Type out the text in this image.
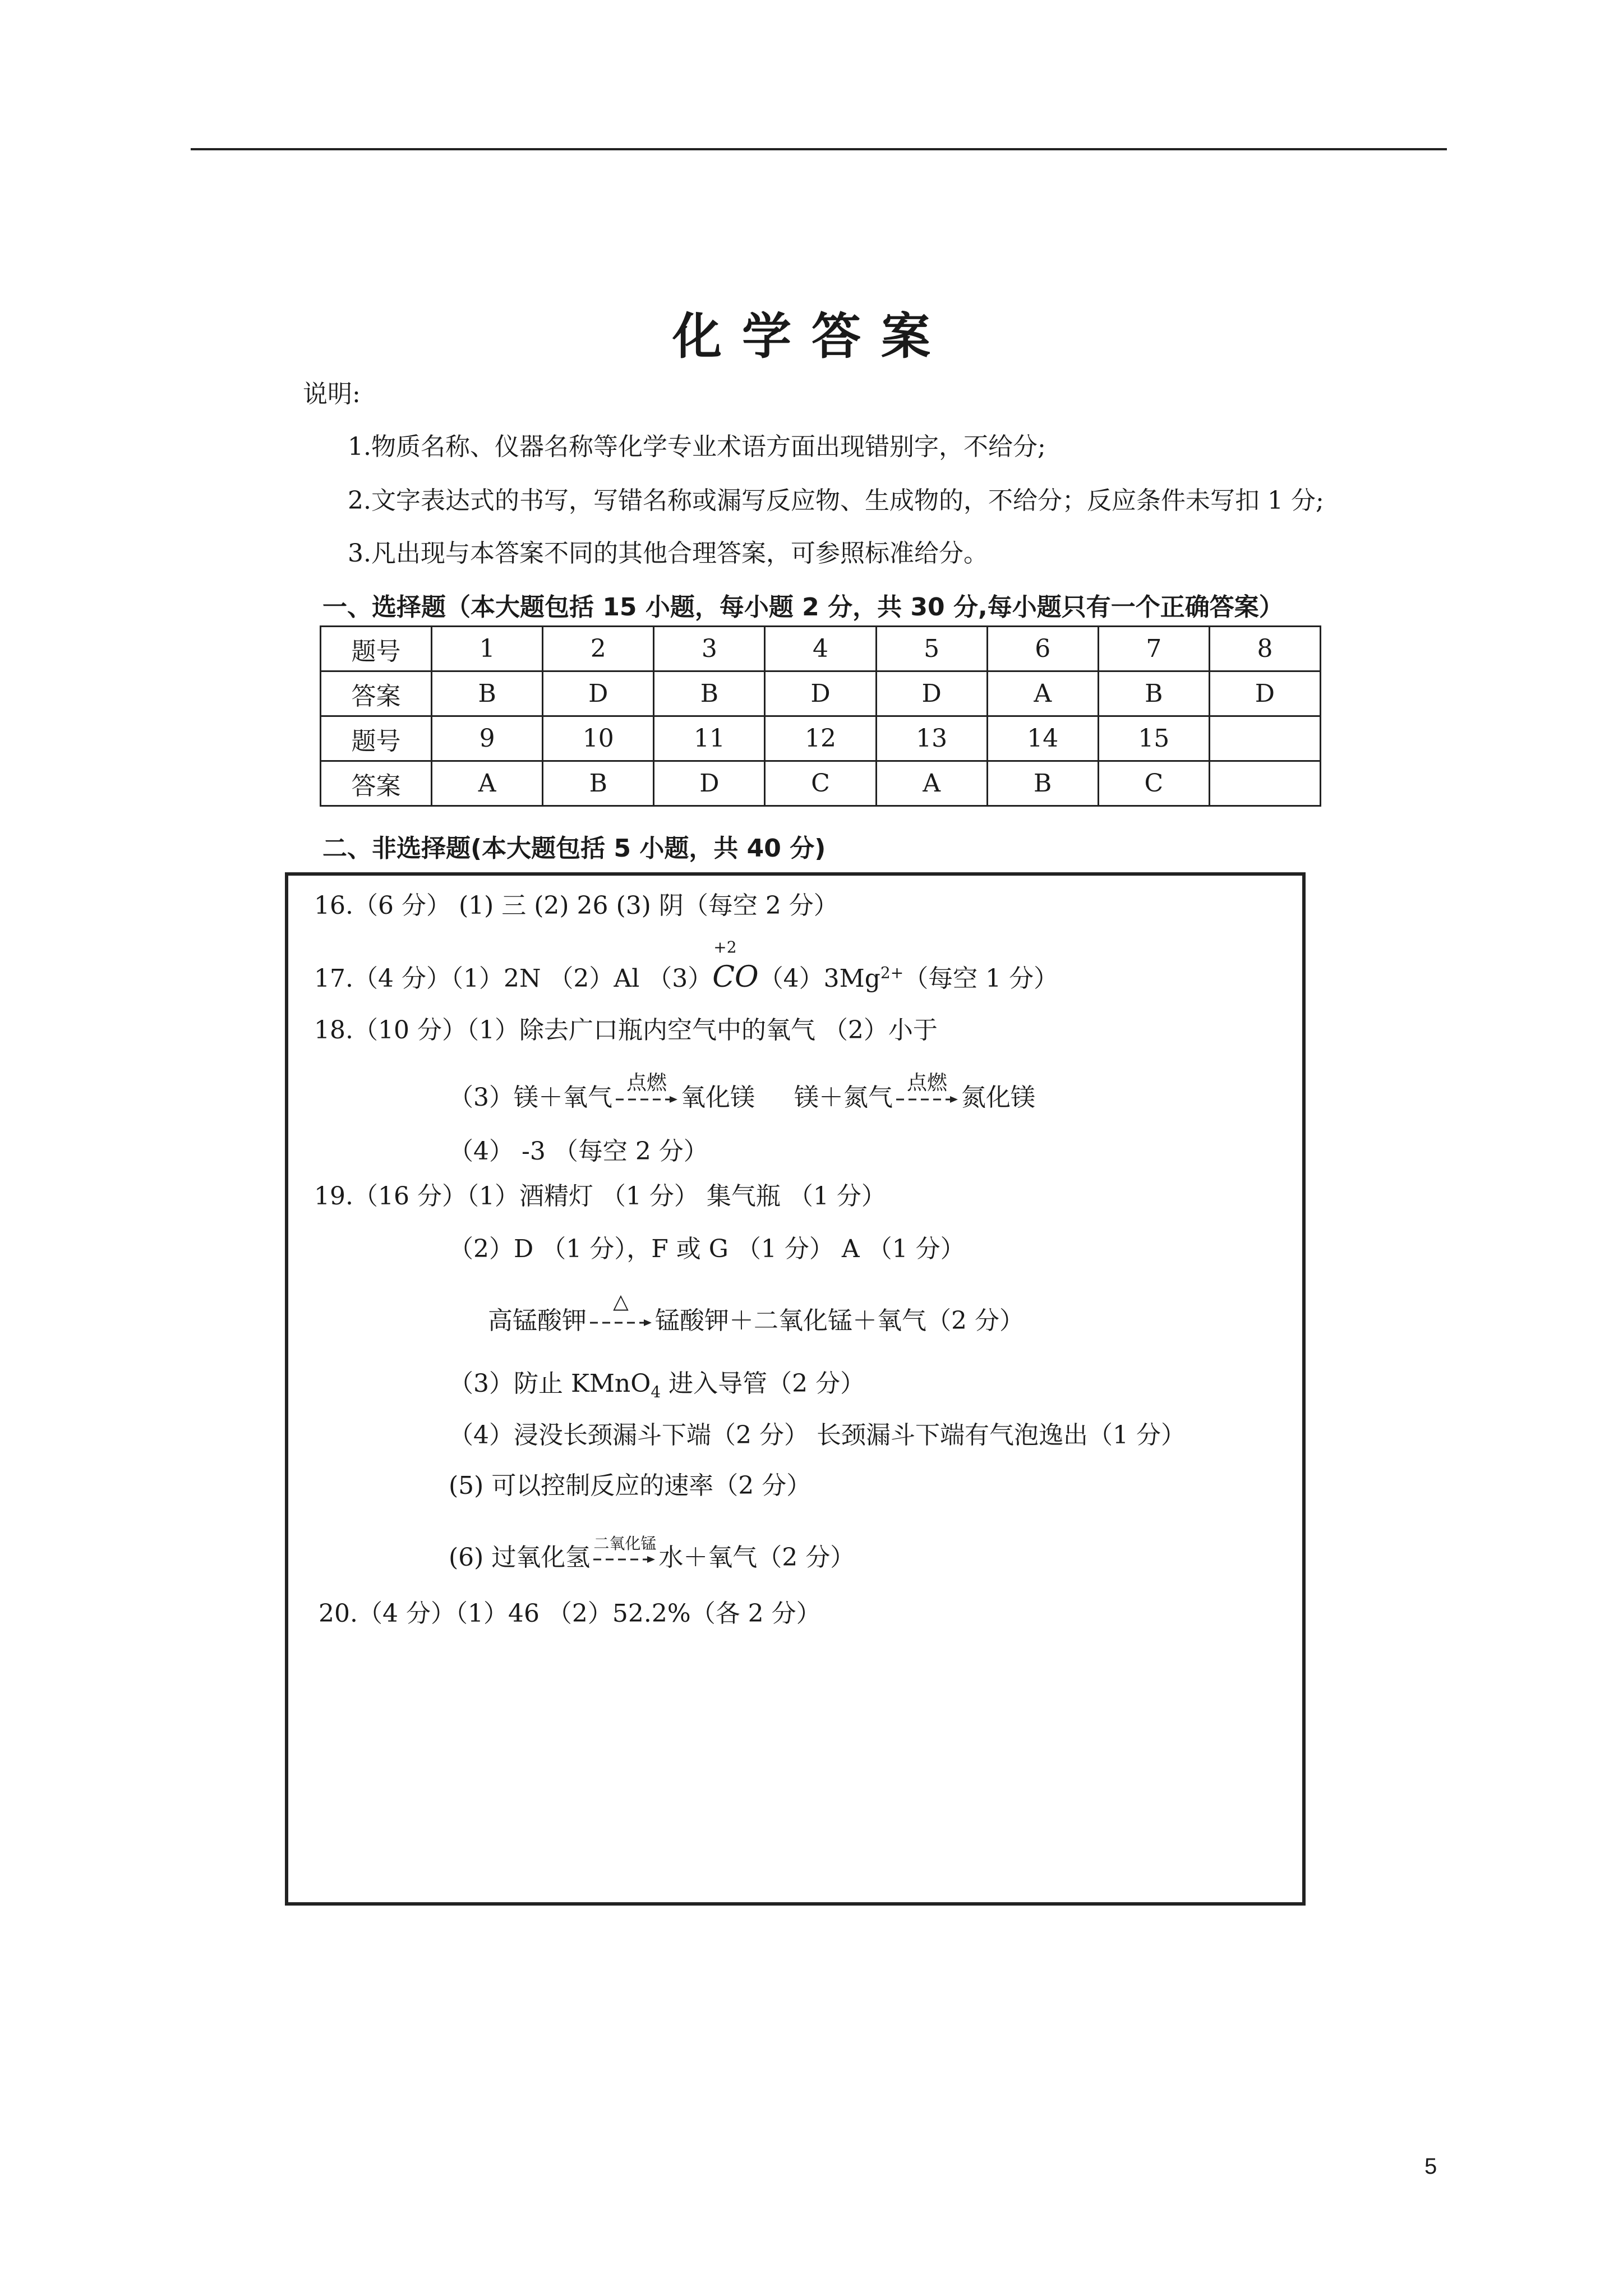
化学答案
说明:
1.物质名称、仪器名称等化学专业术语方面出现错别字，不给分;
2.文字表达式的书写，写错名称或漏写反应物、生成物的，不给分；反应条件未写扣 1 分;
3.凡出现与本答案不同的其他合理答案，可参照标准给分。
一、选择题（本大题包括 15 小题，每小题 2 分，共 30 分,每小题只有一个正确答案）
题号	1	2	3	4	5	6	7	8
答案	B	D	B	D	D	A	B	D
题号	9	10	11	12	13	14	15	
答案	A	B	D	C	A	B	C	
二、非选择题(本大题包括 5 小题，共 40 分)
16.（6 分） (1) 三 (2) 26 (3) 阴（每空 2 分）
17.（4 分）（1）2N （2）Al （3）
+2
$CO(4)3Mg^{2+}$（每空 1 分）
18.（10 分）（1）除去广口瓶内空气中的氧气 （2）小于
（3）镁＋氧气
点燃
氧化镁 镁＋氮气
点燃
氮化镁
（4） -3 （每空 2 分）
19.（16 分）（1）酒精灯 （1 分） 集气瓶 （1 分）
（2）D （1 分），F 或 G （1 分） A （1 分）
高锰酸钾
△
锰酸钾＋二氧化锰＋氧气（2 分）
（3）防止 KMnO$_4$ 进入导管（2 分）
（4）浸没长颈漏斗下端（2 分） 长颈漏斗下端有气泡逸出（1 分）
(5) 可以控制反应的速率（2 分）
(6) 过氧化氢 二氧化锰 水＋氧气（2 分）
20.（4 分）（1）46 （2）52.2%（各 2 分）
5
